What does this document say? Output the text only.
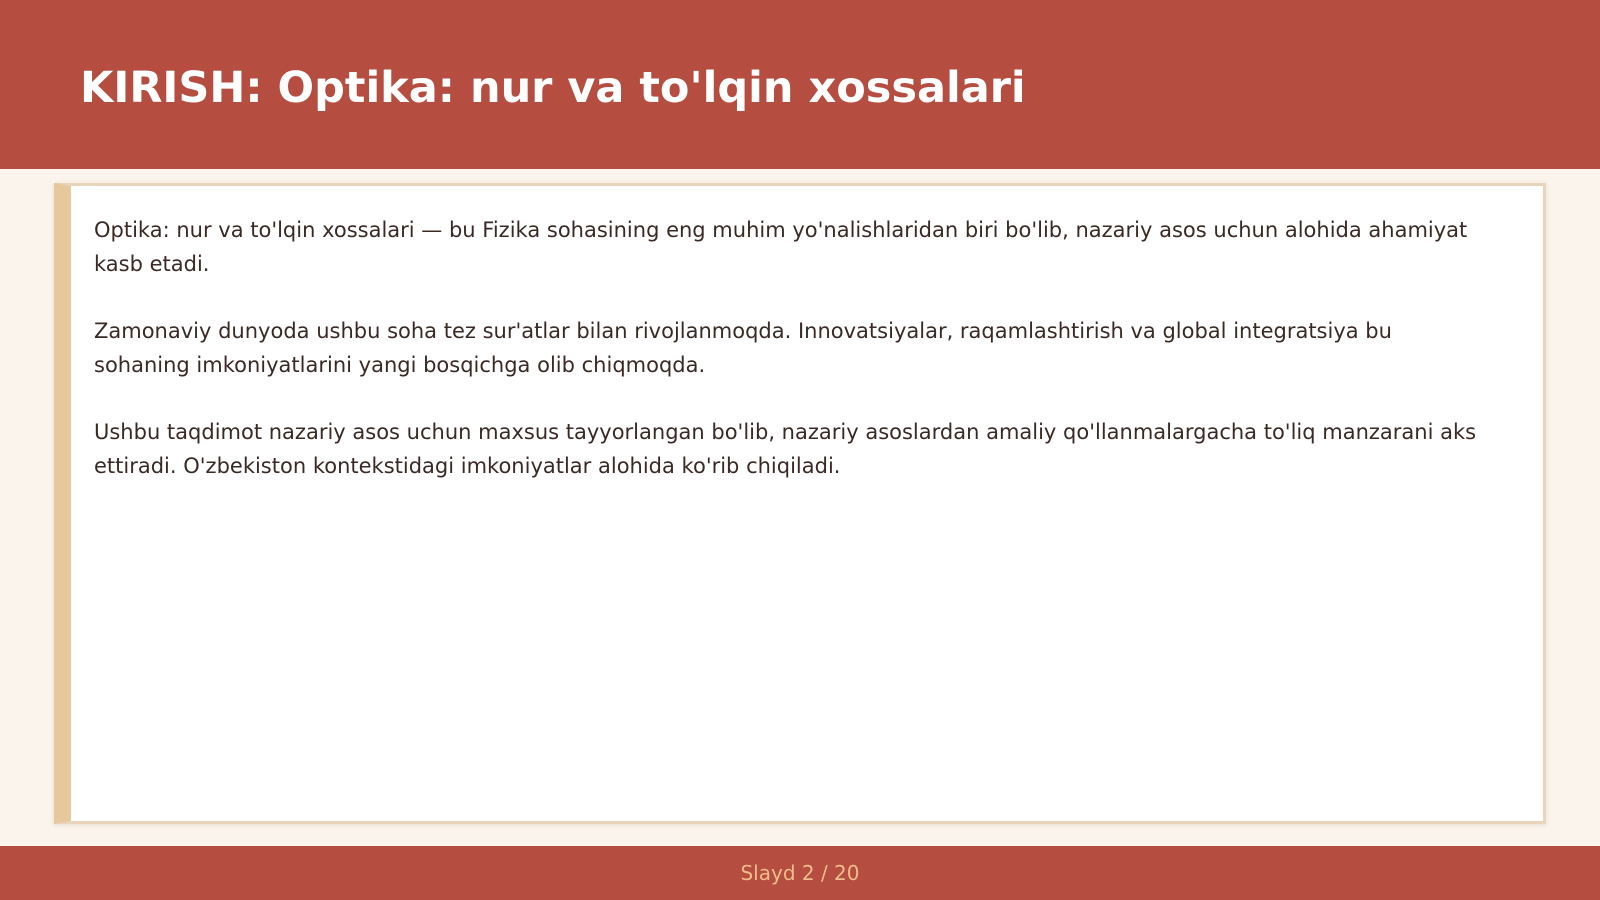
KIRISH: Optika: nur va to'lqin xossalari

Optika: nur va to'lqin xossalari — bu Fizika sohasining eng muhim yo'nalishlaridan biri bo'lib, nazariy asos uchun alohida ahamiyat kasb etadi.

Zamonaviy dunyoda ushbu soha tez sur'atlar bilan rivojlanmoqda. Innovatsiyalar, raqamlashtirish va global integratsiya bu sohaning imkoniyatlarini yangi bosqichga olib chiqmoqda.

Ushbu taqdimot nazariy asos uchun maxsus tayyorlangan bo'lib, nazariy asoslardan amaliy qo'llanmalargacha to'liq manzarani aks ettiradi. O'zbekiston kontekstidagi imkoniyatlar alohida ko'rib chiqiladi.

Slayd 2 / 20
